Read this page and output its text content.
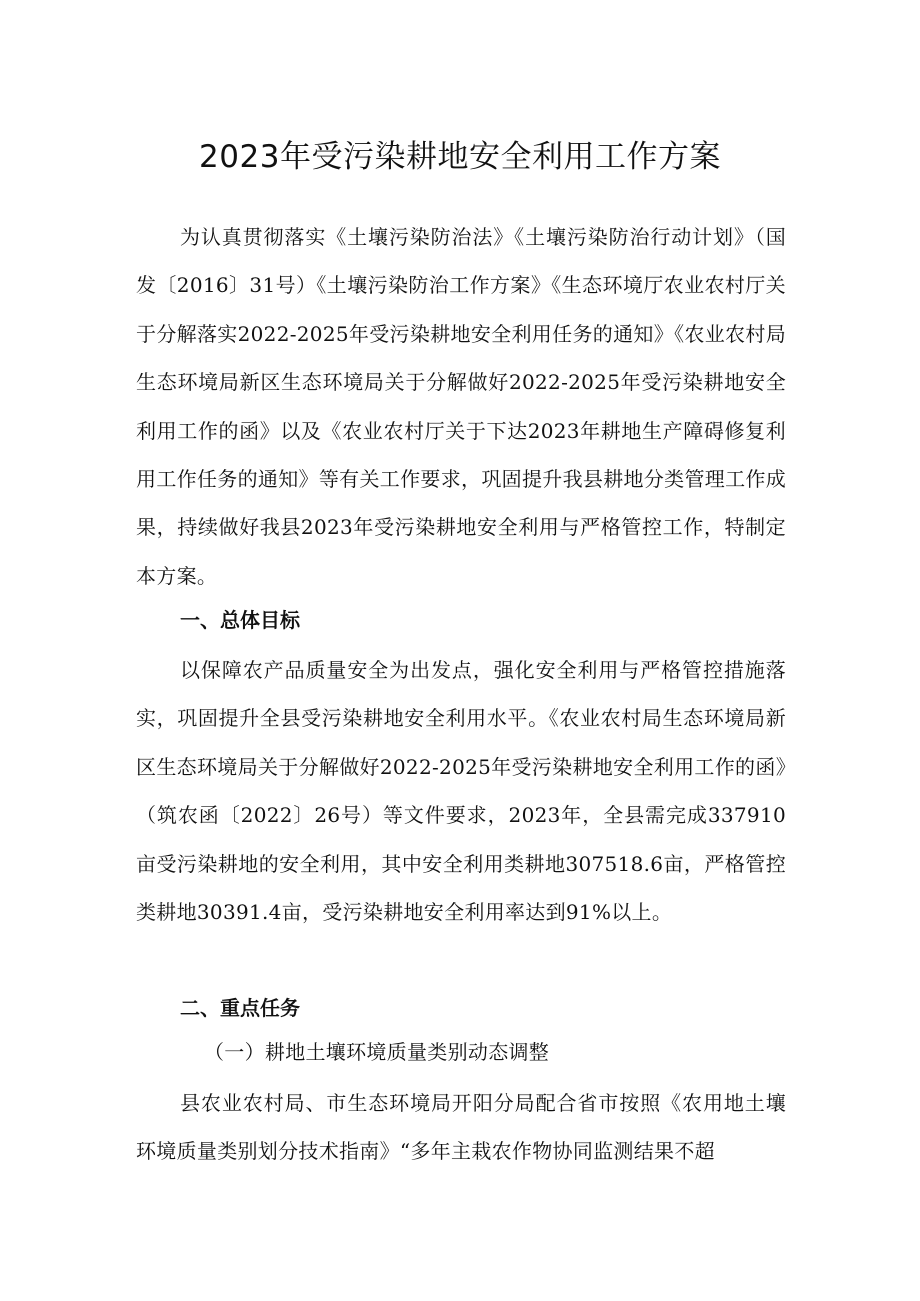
2023年受污染耕地安全利用工作方案

为认真贯彻落实《土壤污染防治法》《土壤污染防治行动计划》（国发〔2016〕31号）《土壤污染防治工作方案》《生态环境厅农业农村厅关于分解落实2022-2025年受污染耕地安全利用任务的通知》《农业农村局生态环境局新区生态环境局关于分解做好2022-2025年受污染耕地安全利用工作的函》以及《农业农村厅关于下达2023年耕地生产障碍修复利用工作任务的通知》等有关工作要求，巩固提升我县耕地分类管理工作成果，持续做好我县2023年受污染耕地安全利用与严格管控工作，特制定本方案。

一、总体目标

以保障农产品质量安全为出发点，强化安全利用与严格管控措施落实，巩固提升全县受污染耕地安全利用水平。《农业农村局生态环境局新区生态环境局关于分解做好2022-2025年受污染耕地安全利用工作的函》（筑农函〔2022〕26号）等文件要求，2023年，全县需完成337910亩受污染耕地的安全利用，其中安全利用类耕地307518.6亩，严格管控类耕地30391.4亩，受污染耕地安全利用率达到91%以上。

二、重点任务
（一）耕地土壤环境质量类别动态调整

县农业农村局、市生态环境局开阳分局配合省市按照《农用地土壤环境质量类别划分技术指南》“多年主栽农作物协同监测结果不超
